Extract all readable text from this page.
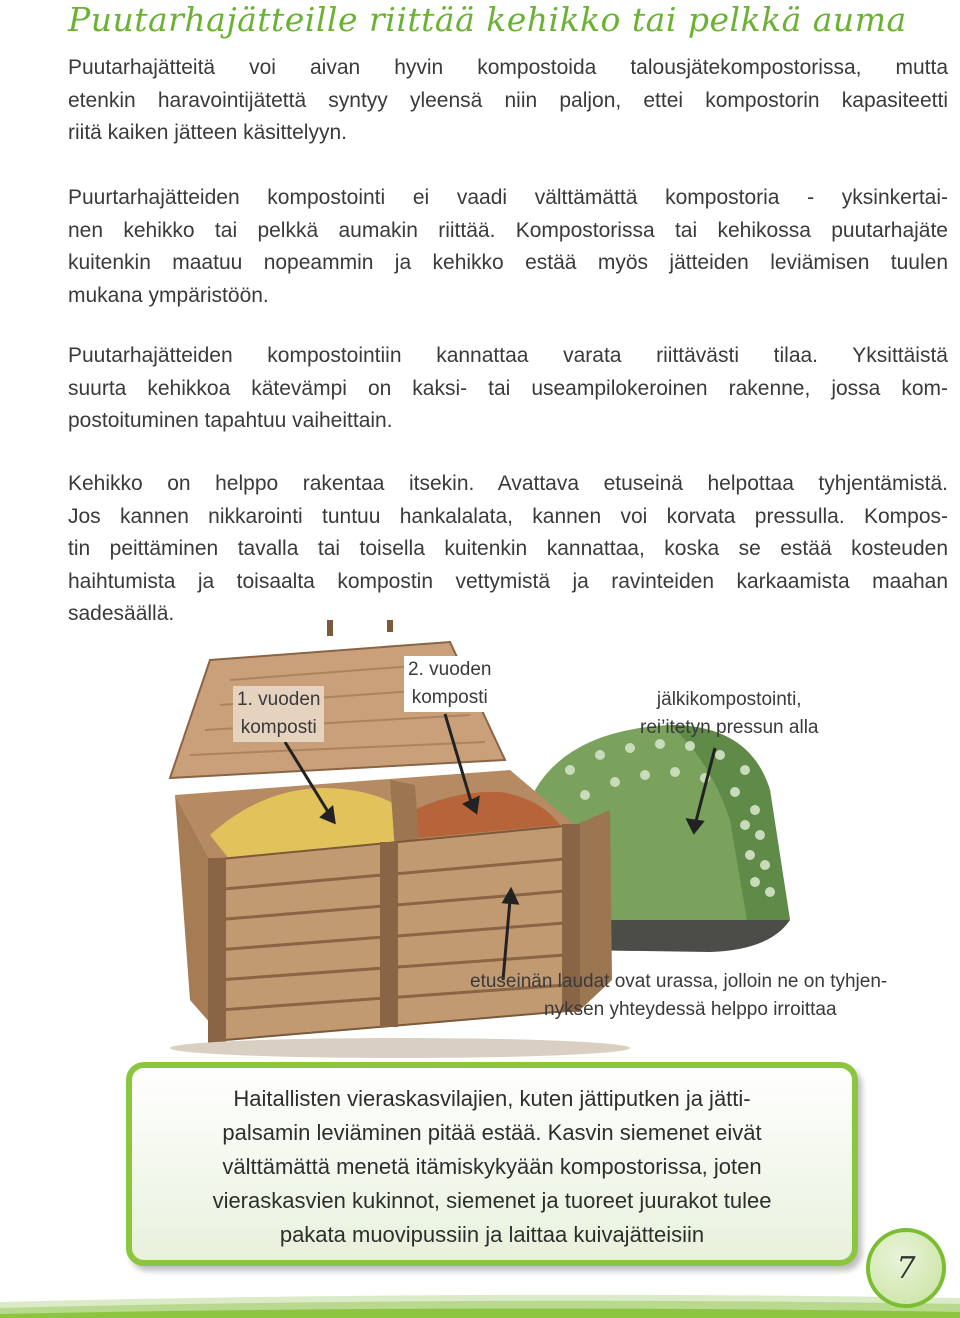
Puutarhajätteille riittää kehikko tai pelkkä auma
Puutarhajätteitä voi aivan hyvin kompostoida talousjätekompostorissa, mutta
etenkin haravointijätettä syntyy yleensä niin paljon, ettei kompostorin kapasiteetti
riitä kaiken jätteen käsittelyyn.
Puurtarhajätteiden kompostointi ei vaadi välttämättä kompostoria - yksinkertai-
nen kehikko tai pelkkä aumakin riittää. Kompostorissa tai kehikossa puutarhajäte
kuitenkin maatuu nopeammin ja kehikko estää myös jätteiden leviämisen tuulen
mukana ympäristöön.
Puutarhajätteiden kompostointiin kannattaa varata riittävästi tilaa. Yksittäistä
suurta kehikkoa kätevämpi on kaksi- tai useampilokeroinen rakenne, jossa kom-
postoituminen tapahtuu vaiheittain.
Kehikko on helppo rakentaa itsekin. Avattava etuseinä helpottaa tyhjentämistä.
Jos kannen nikkarointi tuntuu hankalalata, kannen voi korvata pressulla. Kompos-
tin peittäminen tavalla tai toisella kuitenkin kannattaa, koska se estää kosteuden
haihtumista ja toisaalta kompostin vettymistä ja ravinteiden karkaamista maahan
sadesäällä.
1. vuoden
komposti
2. vuoden
komposti	jälkikompostointi,
rei’itetyn pressun alla
etuseinän laudat ovat urassa, jolloin ne on tyhjen-
nyksen yhteydessä helppo irroittaa

Haitallisten vieraskasvilajien, kuten jättiputken ja jätti-
palsamin leviäminen pitää estää. Kasvin siemenet eivät
välttämättä menetä itämiskykyään kompostorissa, joten
vieraskasvien kukinnot, siemenet ja tuoreet juurakot tulee
pakata muovipussiin ja laittaa kuivajätteisiin

7
